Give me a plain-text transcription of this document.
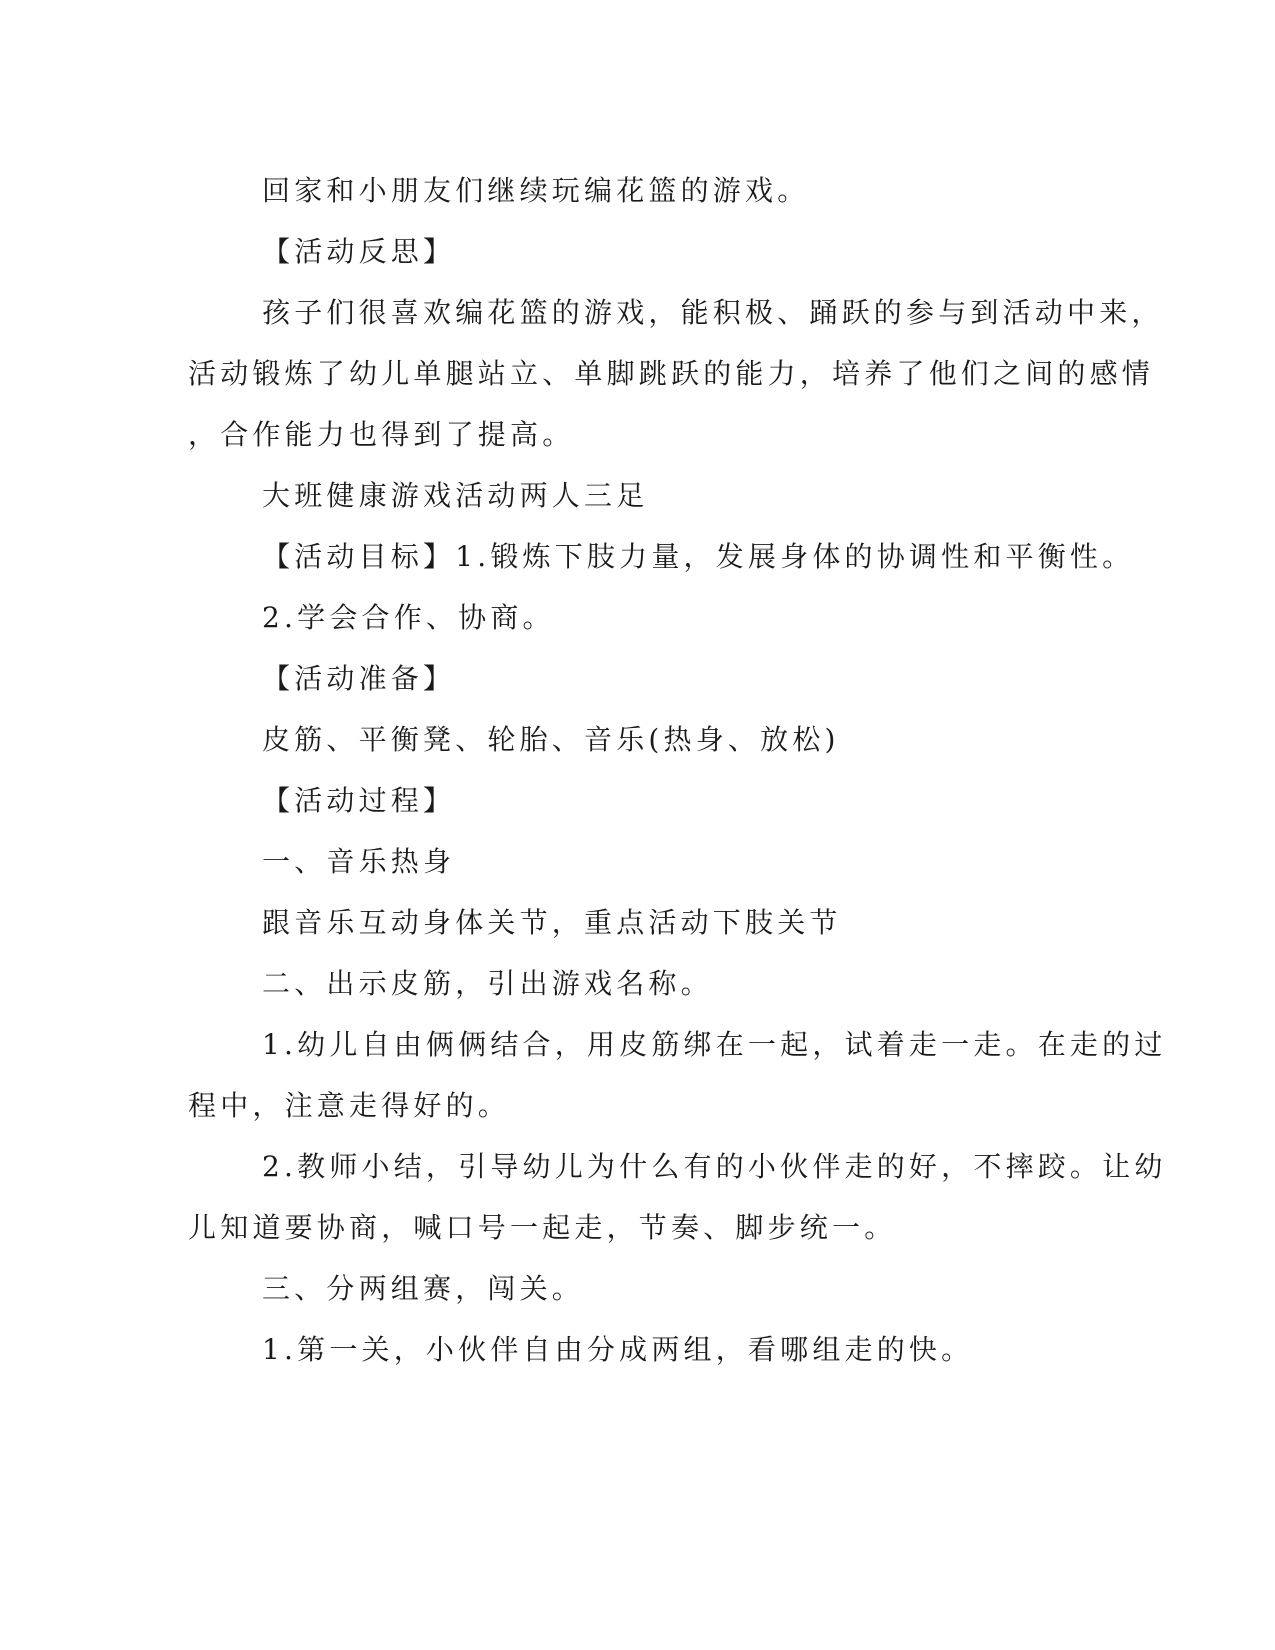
回家和小朋友们继续玩编花篮的游戏。

【活动反思】

孩子们很喜欢编花篮的游戏，能积极、踊跃的参与到活动中来，

活动锻炼了幼儿单腿站立、单脚跳跃的能力，培养了他们之间的感情

，合作能力也得到了提高。

大班健康游戏活动两人三足

【活动目标】1.锻炼下肢力量，发展身体的协调性和平衡性。

2.学会合作、协商。

【活动准备】

皮筋、平衡凳、轮胎、音乐(热身、放松)

【活动过程】

一、音乐热身

跟音乐互动身体关节，重点活动下肢关节

二、出示皮筋，引出游戏名称。

1.幼儿自由俩俩结合，用皮筋绑在一起，试着走一走。在走的过

程中，注意走得好的。

2.教师小结，引导幼儿为什么有的小伙伴走的好，不摔跤。让幼

儿知道要协商，喊口号一起走，节奏、脚步统一。

三、分两组赛，闯关。

1.第一关，小伙伴自由分成两组，看哪组走的快。
